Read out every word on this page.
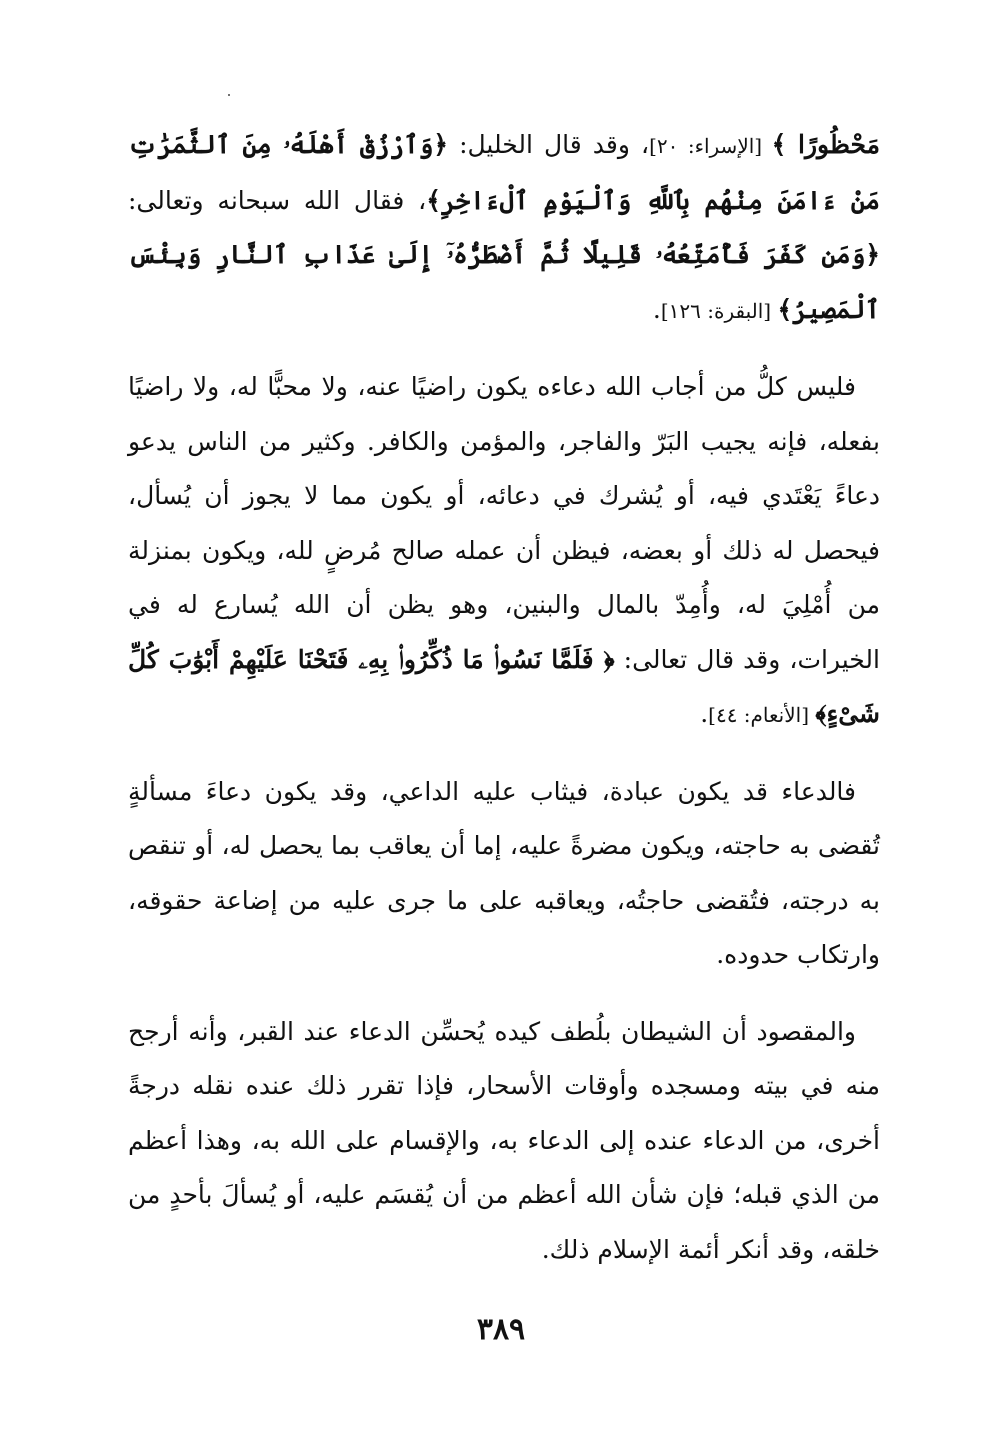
مَحْظُورًا ﴾ [الإسراء: ٢٠]، وقد قال الخليل: ﴿وَٱرْزُقْ أَهْلَهُۥ مِنَ ٱلثَّمَرَٰتِ مَنْ ءَامَنَ مِنْهُم بِٱللَّهِ وَٱلْيَوْمِ ٱلْءَاخِرِ﴾، فقال الله سبحانه وتعالى: ﴿وَمَن كَفَرَ فَأُمَتِّعُهُۥ قَلِيلًا ثُمَّ أَضْطَرُّهُۥٓ إِلَىٰ عَذَابِ ٱلنَّارِ وَبِئْسَ ٱلْمَصِيرُ﴾ [البقرة: ١٢٦].

فليس كلُّ من أجاب الله دعاءه يكون راضيًا عنه، ولا محبًّا له، ولا راضيًا بفعله، فإنه يجيب البَرّ والفاجر، والمؤمن والكافر. وكثير من الناس يدعو دعاءً يَعْتَدي فيه، أو يُشرك في دعائه، أو يكون مما لا يجوز أن يُسأل، فيحصل له ذلك أو بعضه، فيظن أن عمله صالح مُرضٍ لله، ويكون بمنزلة من أُمْلِيَ له، وأُمِدّ بالمال والبنين، وهو يظن أن الله يُسارع له في الخيرات، وقد قال تعالى: ﴿ فَلَمَّا نَسُوا۟ مَا ذُكِّرُوا۟ بِهِۦ فَتَحْنَا عَلَيْهِمْ أَبْوَٰبَ كُلِّ شَىْءٍ﴾ [الأنعام: ٤٤].

فالدعاء قد يكون عبادة، فيثاب عليه الداعي، وقد يكون دعاءَ مسألةٍ تُقضى به حاجته، ويكون مضرةً عليه، إما أن يعاقب بما يحصل له، أو تنقص به درجته، فتُقضى حاجتُه، ويعاقبه على ما جرى عليه من إضاعة حقوقه، وارتكاب حدوده.

والمقصود أن الشيطان بلُطف كيده يُحسِّن الدعاء عند القبر، وأنه أرجح منه في بيته ومسجده وأوقات الأسحار، فإذا تقرر ذلك عنده نقله درجةً أخرى، من الدعاء عنده إلى الدعاء به، والإقسام على الله به، وهذا أعظم من الذي قبله؛ فإن شأن الله أعظم من أن يُقسَم عليه، أو يُسألَ بأحدٍ من خلقه، وقد أنكر أئمة الإسلام ذلك.

٣٨٩
